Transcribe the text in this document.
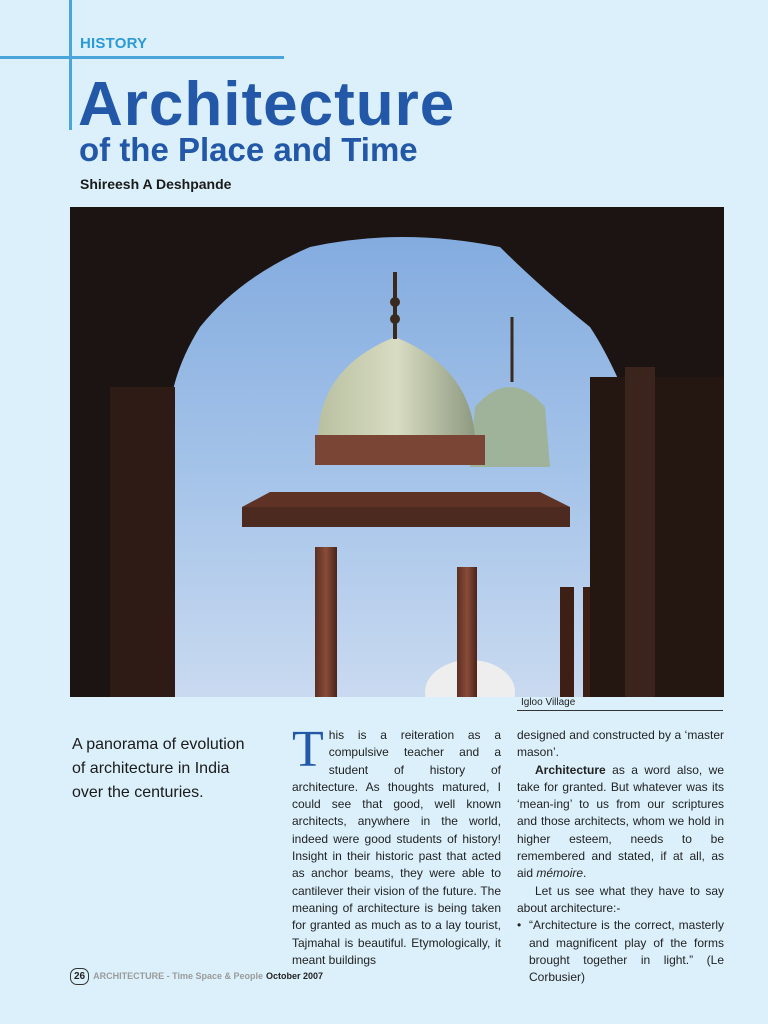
HISTORY
Architecture
of the Place and Time
Shireesh A Deshpande
Igloo Village
A panorama of evolution of architecture in India over the centuries.
T his is a reiteration as a compulsive teacher and a student of history of architecture. As thoughts matured, I could see that good, well known architects, anywhere in the world, indeed were good students of history! Insight in their historic past that acted as anchor beams, they were able to cantilever their vision of the future. The meaning of architecture is being taken for granted as much as to a lay tourist, Tajmahal is beautiful. Etymologically, it meant buildings

designed and constructed by a ‘master mason’.

Architecture as a word also, we take for granted. But whatever was its ‘mean-ing’ to us from our scriptures and those architects, whom we hold in higher esteem, needs to be remembered and stated, if at all, as aid mémoire.

Let us see what they have to say about architecture:-

• “Architecture is the correct, masterly and magnificent play of the forms brought together in light.” (Le Corbusier)
26 ARCHITECTURE - Time Space & People October 2007
